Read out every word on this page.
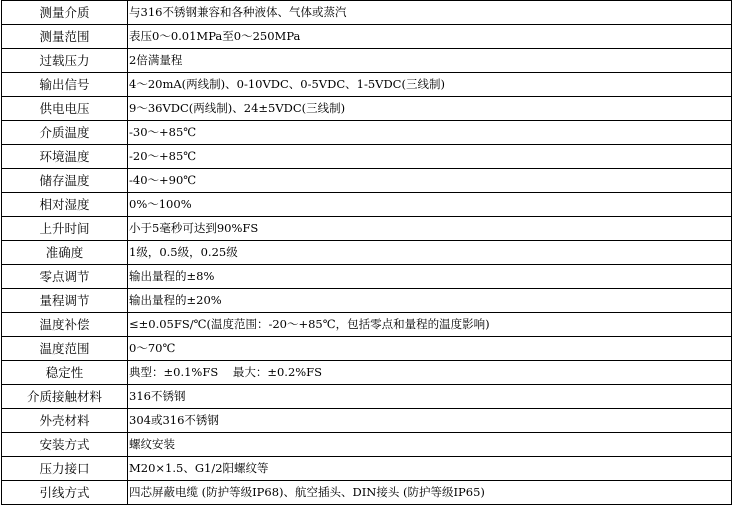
测量介质	与316不锈钢兼容和各种液体、气体或蒸汽
测量范围	表压0～0.01MPa至0～250MPa
过载压力	2倍满量程
输出信号	4～20mA(两线制)、0-10VDC、0-5VDC、1-5VDC(三线制)
供电电压	9～36VDC(两线制)、24±5VDC(三线制)
介质温度	-30～+85℃
环境温度	-20～+85℃
储存温度	-40～+90℃
相对湿度	0%～100%
上升时间	小于5毫秒可达到90%FS
准确度	1级，0.5级，0.25级
零点调节	输出量程的±8%
量程调节	输出量程的±20%
温度补偿	≤±0.05FS/℃(温度范围：-20～+85℃，包括零点和量程的温度影响)
温度范围	0～70℃
稳定性	典型：±0.1%FS    最大：±0.2%FS
介质接触材料	316不锈钢
外壳材料	304或316不锈钢
安装方式	螺纹安装
压力接口	M20×1.5、G1/2阳螺纹等
引线方式	四芯屏蔽电缆 (防护等级IP68)、航空插头、DIN接头 (防护等级IP65)
